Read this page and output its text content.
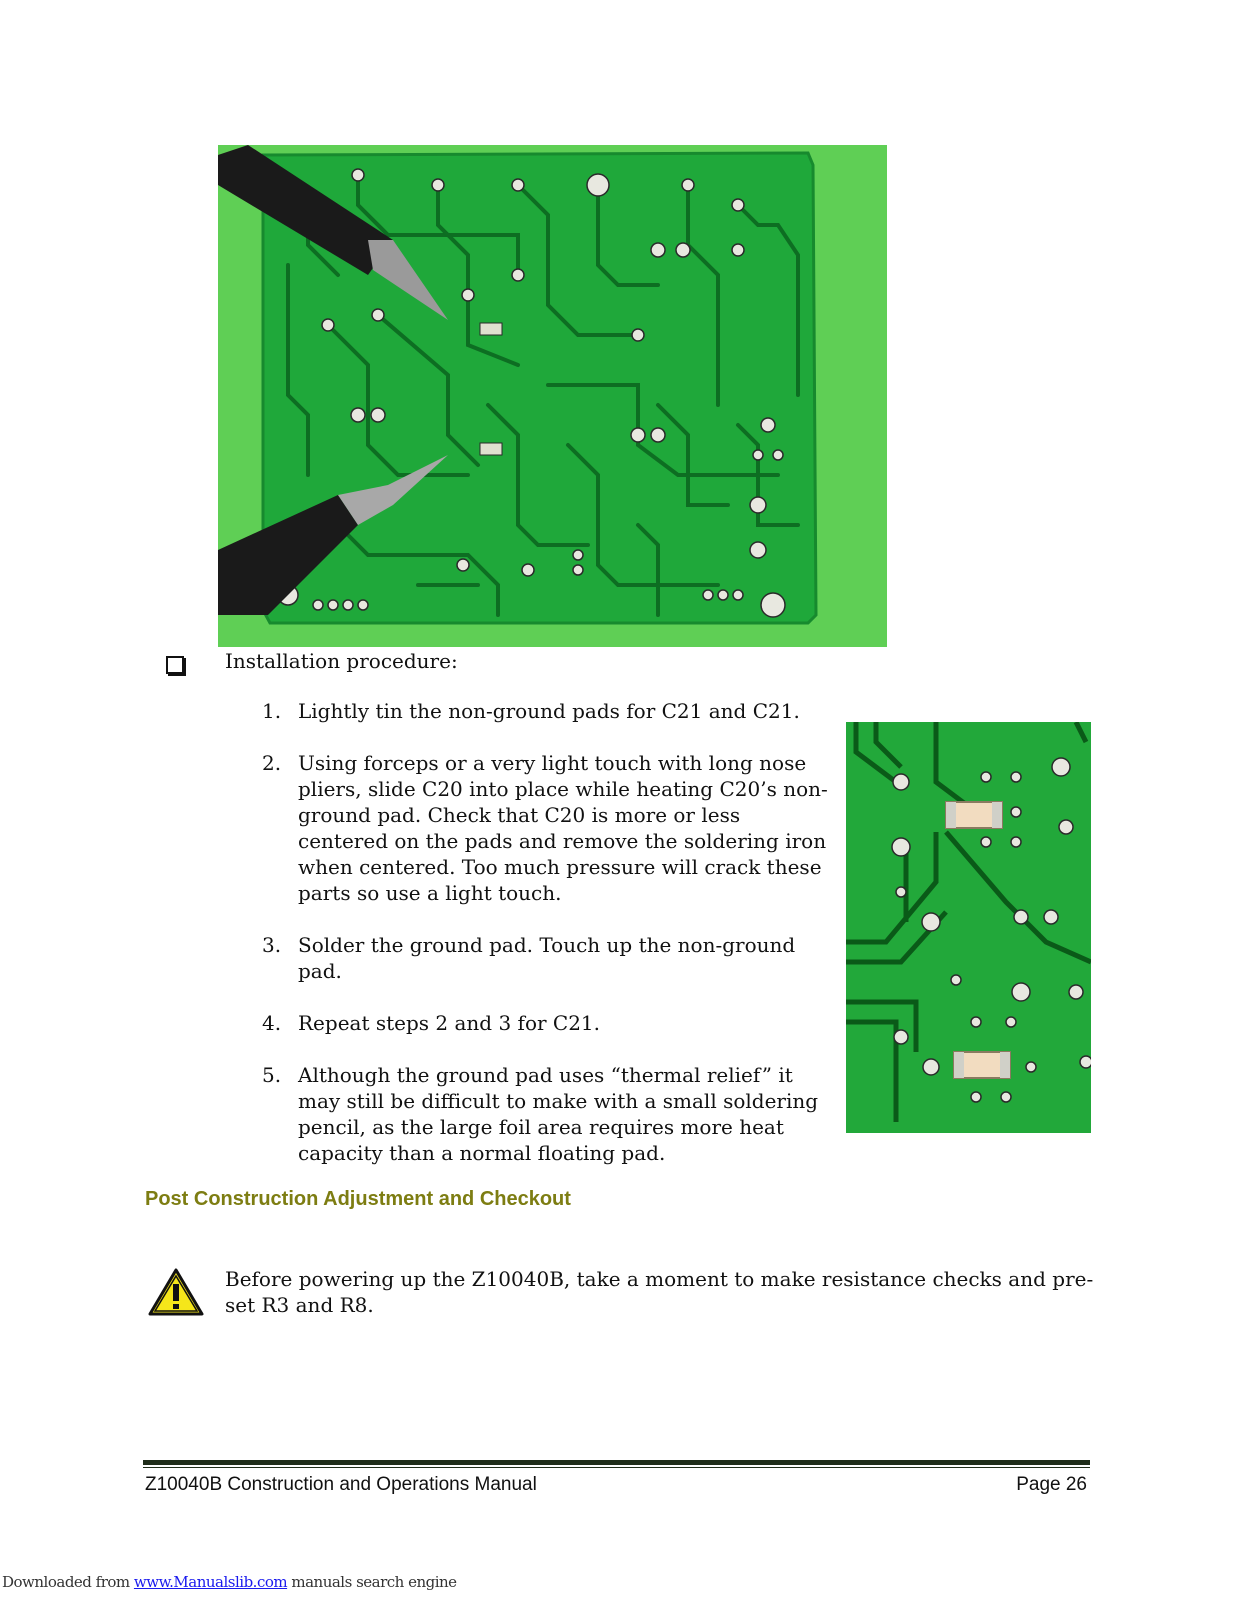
Installation procedure:
1. Lightly tin the non-ground pads for C21 and C21.
2. Using forceps or a very light touch with long nose pliers, slide C20 into place while heating C20’s non-ground pad. Check that C20 is more or less centered on the pads and remove the soldering iron when centered. Too much pressure will crack these parts so use a light touch.
3. Solder the ground pad. Touch up the non-ground pad.
4. Repeat steps 2 and 3 for C21.
5. Although the ground pad uses “thermal relief” it may still be difficult to make with a small soldering pencil, as the large foil area requires more heat capacity than a normal floating pad.
Post Construction Adjustment and Checkout
Before powering up the Z10040B, take a moment to make resistance checks and pre-set R3 and R8.
Z10040B Construction and Operations Manual	Page 26
Downloaded from www.Manualslib.com manuals search engine
